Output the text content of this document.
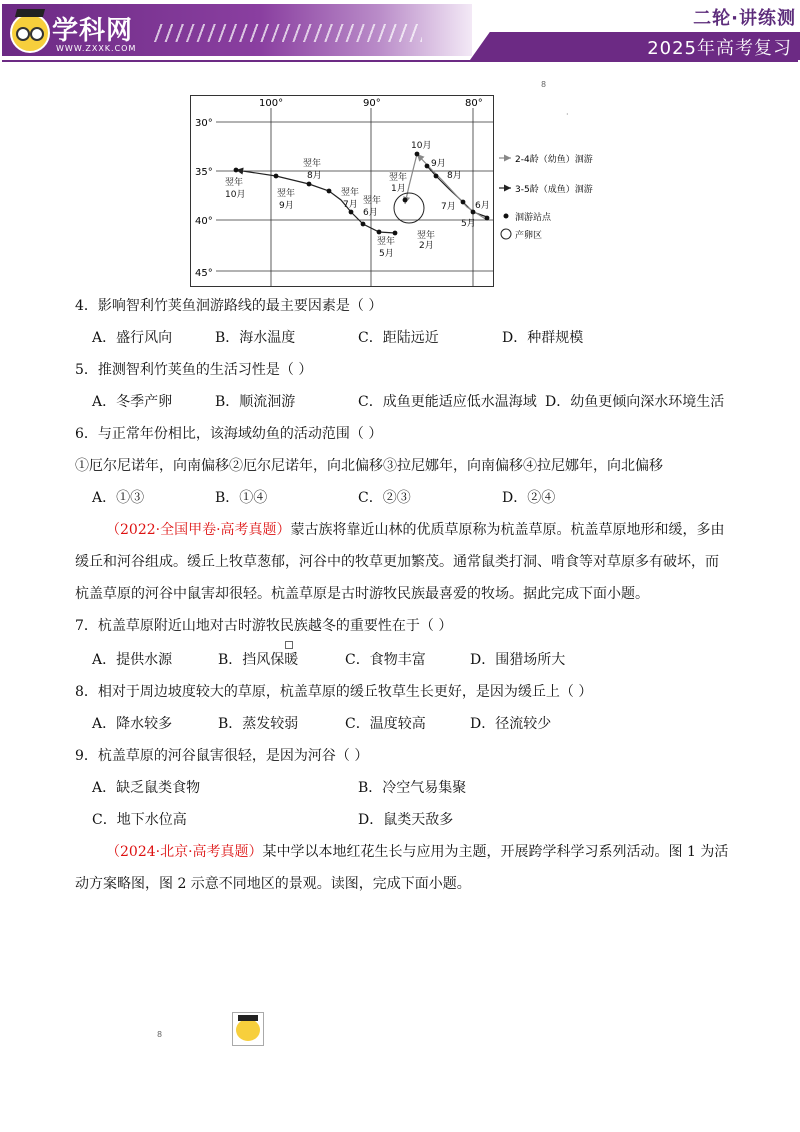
学科网
WWW.ZXXK.COM
二轮·讲练测
2025年高考复习
8
·
100°	90°	80°
30°
35°
40°
45°
10月
9月
8月
7月 6月
5月
翌年
1月
翌年
2月
翌年
5月
翌年
6月
翌年
7月
翌年
8月
翌年
9月
翌年
10月
2-4龄（幼鱼）洄游
3-5龄（成鱼）洄游
洄游站点
产卵区
4．影响智利竹荚鱼洄游路线的最主要因素是（ ）
A．盛行风向	B．海水温度	C．距陆远近	D．种群规模
5．推测智利竹荚鱼的生活习性是（ ）
A．冬季产卵	B．顺流洄游	C．成鱼更能适应低水温海域 D．幼鱼更倾向深水环境生活
6．与正常年份相比，该海域幼鱼的活动范围（ ）
①厄尔尼诺年，向南偏移②厄尔尼诺年，向北偏移③拉尼娜年，向南偏移④拉尼娜年，向北偏移
A．①③	B．①④	C．②③	D．②④
（2022·全国甲卷·高考真题）蒙古族将靠近山林的优质草原称为杭盖草原。杭盖草原地形和缓，多由
缓丘和河谷组成。缓丘上牧草葱郁，河谷中的牧草更加繁茂。通常鼠类打洞、啃食等对草原多有破坏，而
杭盖草原的河谷中鼠害却很轻。杭盖草原是古时游牧民族最喜爱的牧场。据此完成下面小题。
7．杭盖草原附近山地对古时游牧民族越冬的重要性在于（ ）
A．提供水源	B．挡风保暖	C．食物丰富	D．围猎场所大
8．相对于周边坡度较大的草原，杭盖草原的缓丘牧草生长更好，是因为缓丘上（ ）
A．降水较多	B．蒸发较弱	C．温度较高	D．径流较少
9．杭盖草原的河谷鼠害很轻，是因为河谷（ ）
A．缺乏鼠类食物	B．冷空气易集聚
C．地下水位高	D．鼠类天敌多
（2024·北京·高考真题）某中学以本地红花生长与应用为主题，开展跨学科学习系列活动。图 1 为活
动方案略图，图 2 示意不同地区的景观。读图，完成下面小题。
8
